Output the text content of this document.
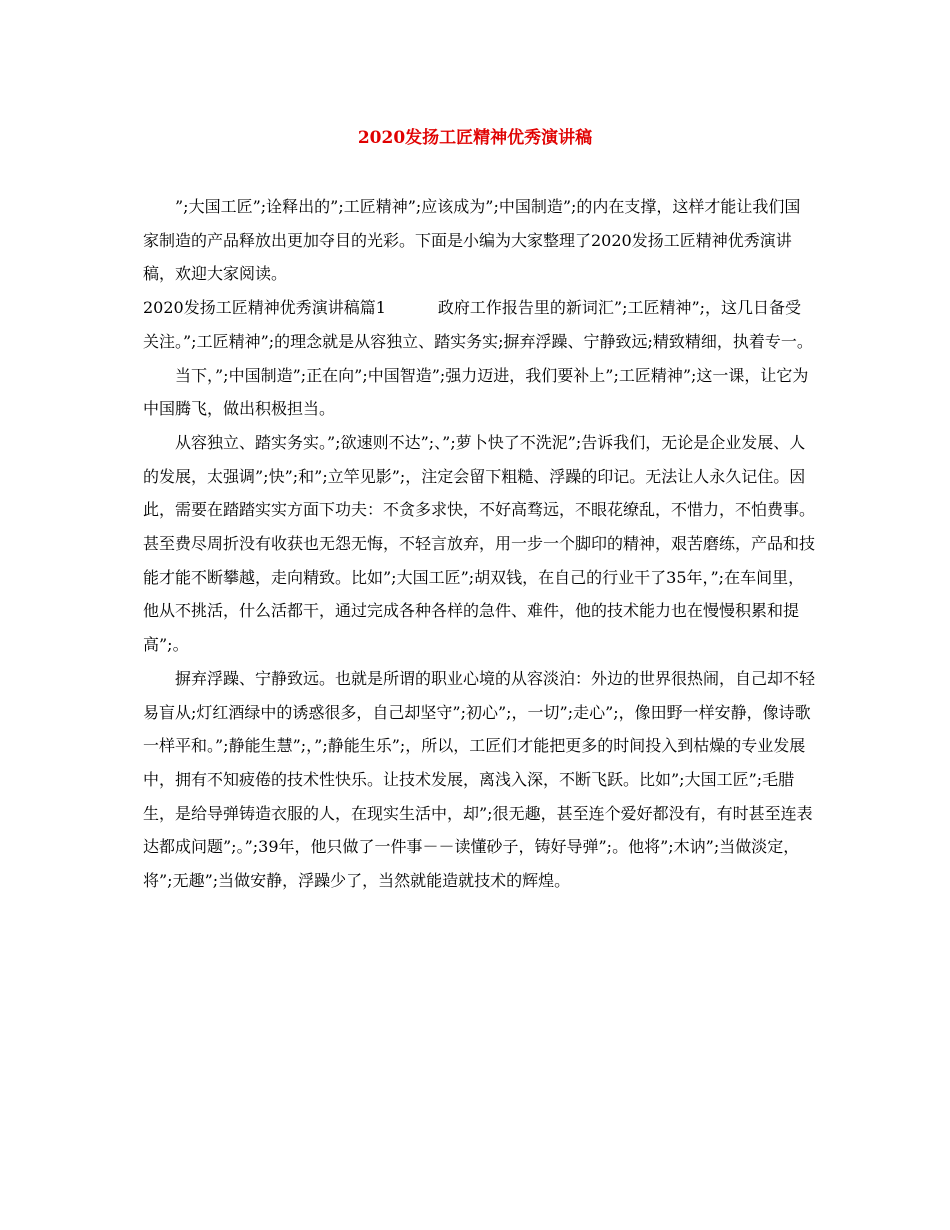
2020发扬工匠精神优秀演讲稿

”;大国工匠”;诠释出的”;工匠精神”;应该成为”;中国制造”;的内在支撑，这样才能让我们国家制造的产品释放出更加夺目的光彩。下面是小编为大家整理了2020发扬工匠精神优秀演讲稿，欢迎大家阅读。

2020发扬工匠精神优秀演讲稿篇1	政府工作报告里的新词汇”;工匠精神”;，这几日备受关注。”;工匠精神”;的理念就是从容独立、踏实务实;摒弃浮躁、宁静致远;精致精细，执着专一。

当下，”;中国制造”;正在向”;中国智造”;强力迈进，我们要补上”;工匠精神”;这一课，让它为中国腾飞，做出积极担当。

从容独立、踏实务实。”;欲速则不达”;、”;萝卜快了不洗泥”;告诉我们，无论是企业发展、人的发展，太强调”;快”;和”;立竿见影”;，注定会留下粗糙、浮躁的印记。无法让人永久记住。因此，需要在踏踏实实方面下功夫：不贪多求快，不好高骛远，不眼花缭乱，不惜力，不怕费事。甚至费尽周折没有收获也无怨无悔，不轻言放弃，用一步一个脚印的精神，艰苦磨练，产品和技能才能不断攀越，走向精致。比如”;大国工匠”;胡双钱，在自己的行业干了35年，”;在车间里，他从不挑活，什么活都干，通过完成各种各样的急件、难件，他的技术能力也在慢慢积累和提高”;。

摒弃浮躁、宁静致远。也就是所谓的职业心境的从容淡泊：外边的世界很热闹，自己却不轻易盲从;灯红酒绿中的诱惑很多，自己却坚守”;初心”;，一切”;走心”;，像田野一样安静，像诗歌一样平和。”;静能生慧”;，”;静能生乐”;，所以，工匠们才能把更多的时间投入到枯燥的专业发展中，拥有不知疲倦的技术性快乐。让技术发展，离浅入深，不断飞跃。比如”;大国工匠”;毛腊生，是给导弹铸造衣服的人，在现实生活中，却”;很无趣，甚至连个爱好都没有，有时甚至连表达都成问题”;。”;39年，他只做了一件事－－读懂砂子，铸好导弹”;。他将”;木讷”;当做淡定，将”;无趣”;当做安静，浮躁少了，当然就能造就技术的辉煌。
